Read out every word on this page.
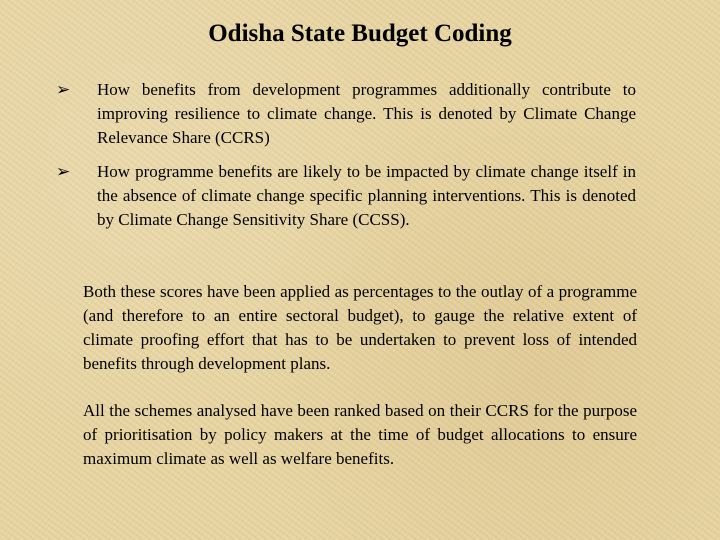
Odisha State Budget Coding
➢ How benefits from development programmes additionally contribute to improving resilience to climate change. This is denoted by Climate Change Relevance Share (CCRS)
➢ How programme benefits are likely to be impacted by climate change itself in the absence of climate change specific planning interventions. This is denoted by Climate Change Sensitivity Share (CCSS).
Both these scores have been applied as percentages to the outlay of a programme (and therefore to an entire sectoral budget), to gauge the relative extent of climate proofing effort that has to be undertaken to prevent loss of intended benefits through development plans.
All the schemes analysed have been ranked based on their CCRS for the purpose of prioritisation by policy makers at the time of budget allocations to ensure maximum climate as well as welfare benefits.
